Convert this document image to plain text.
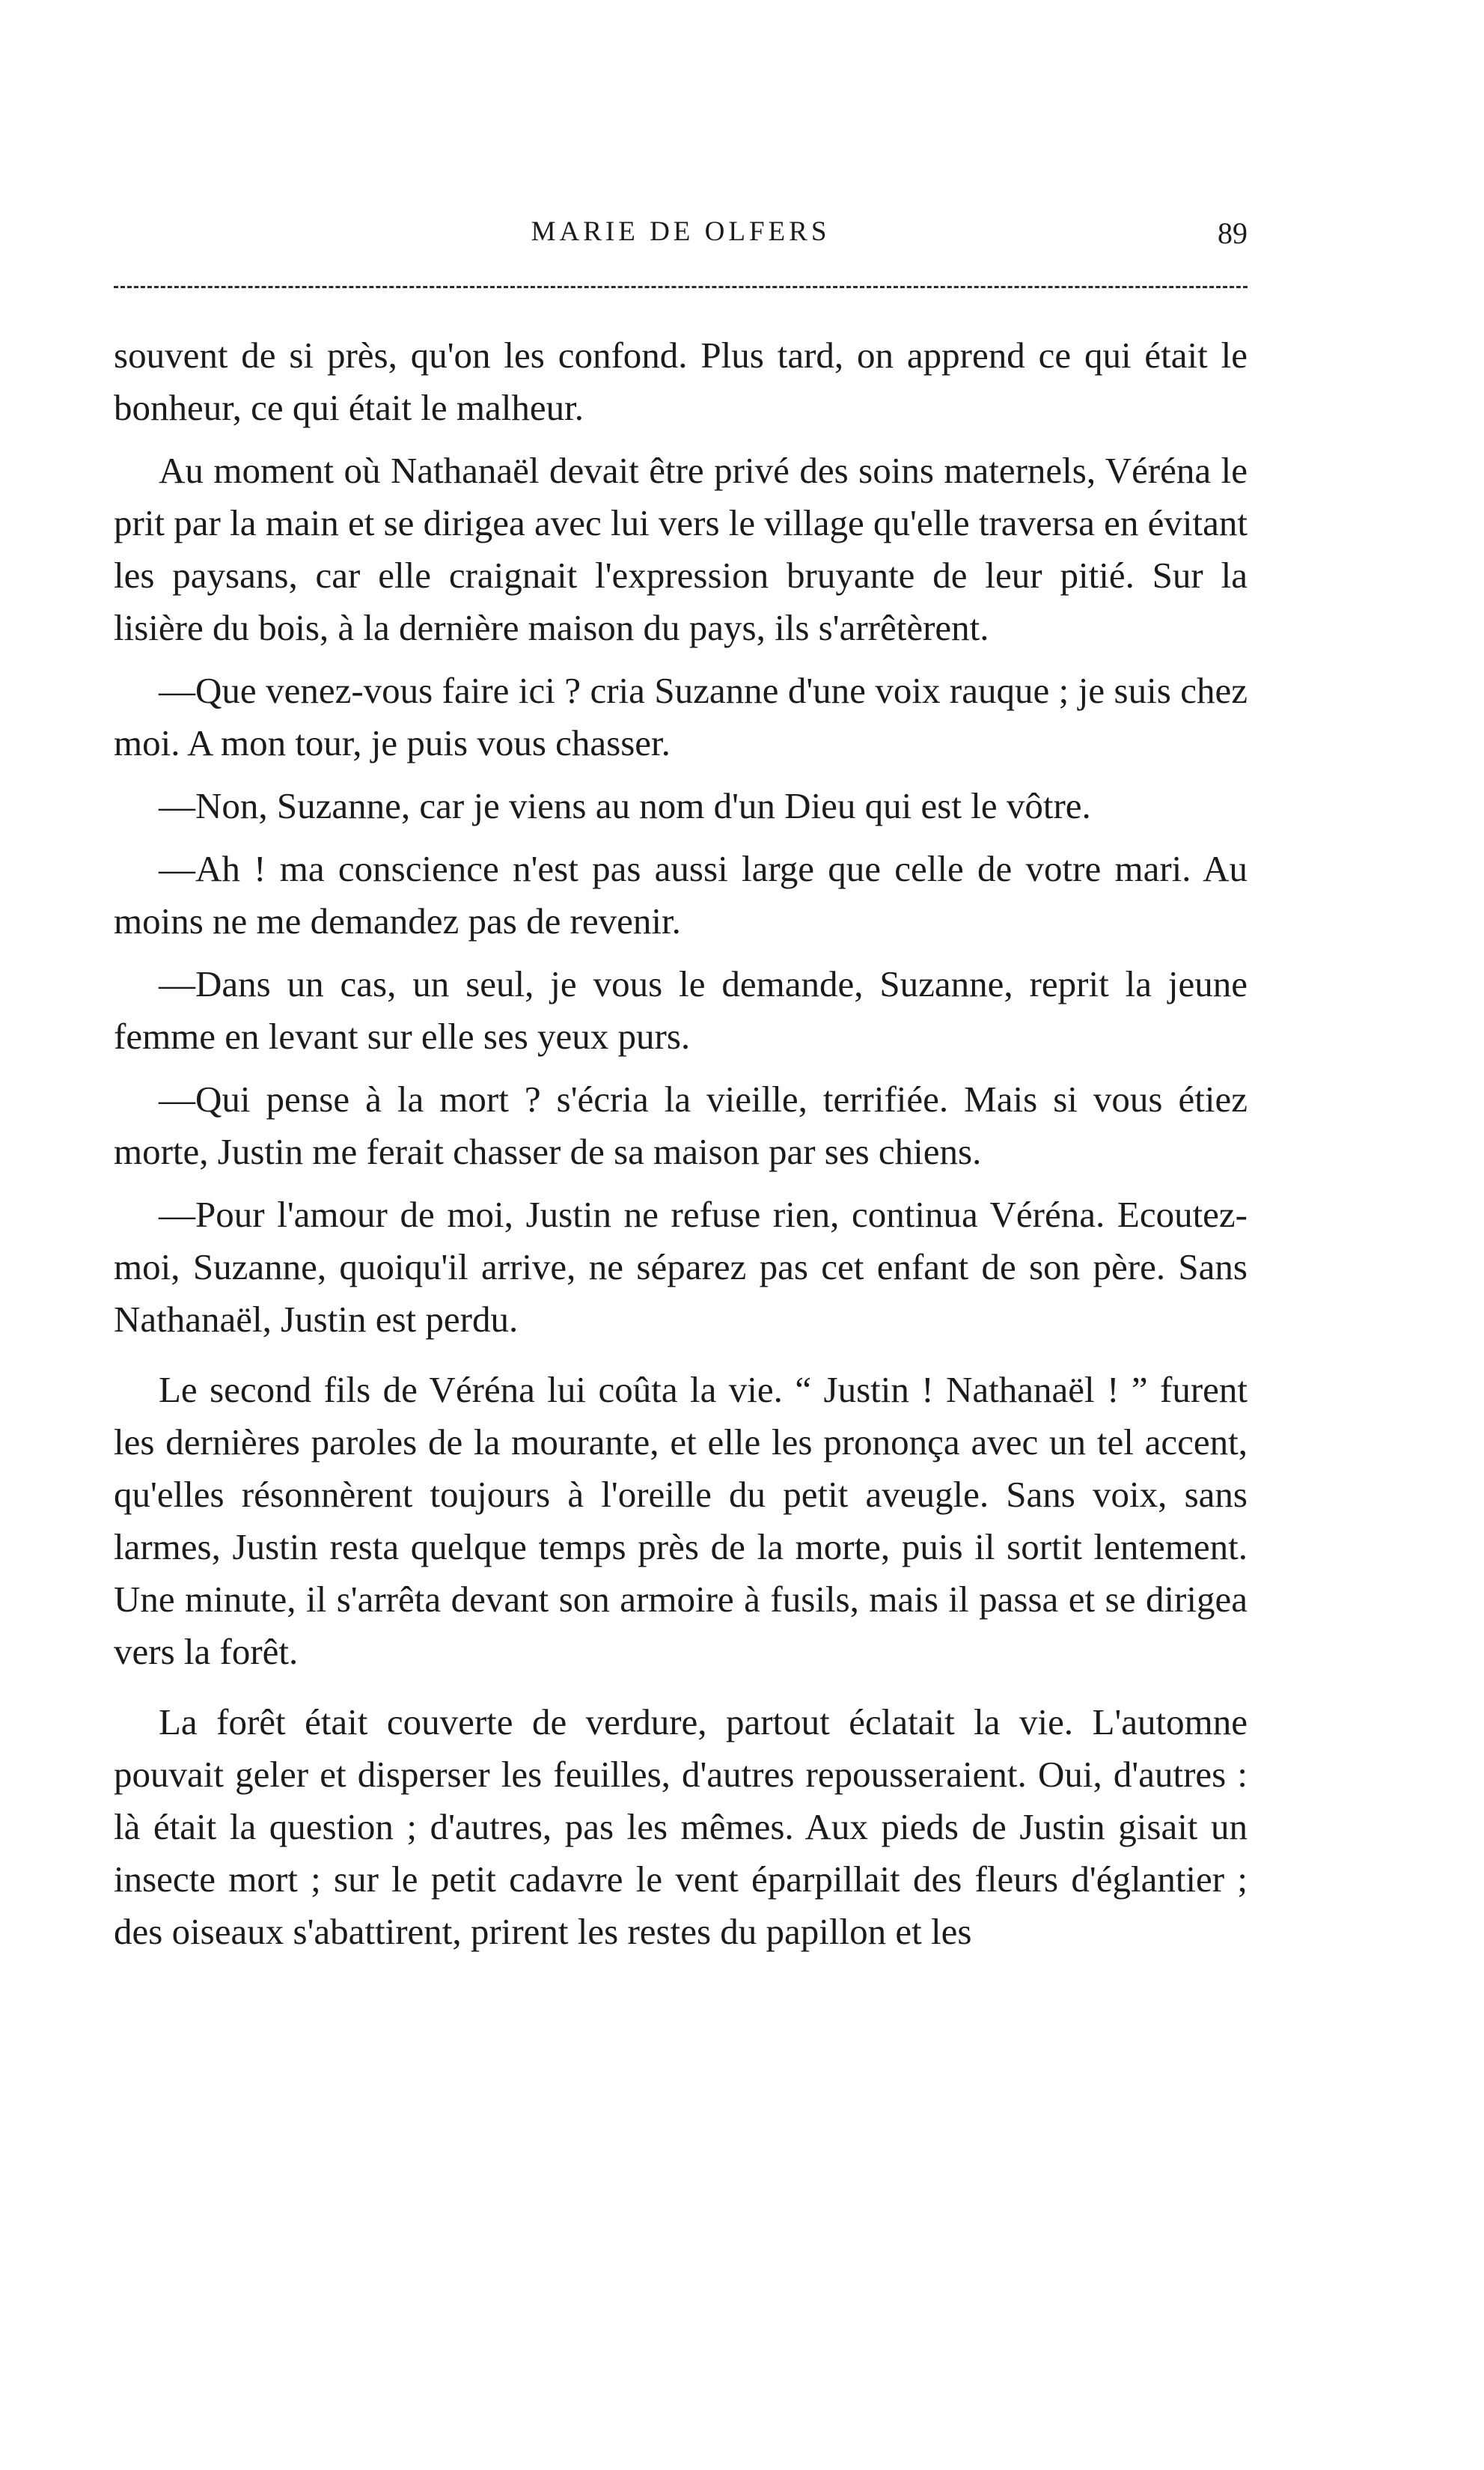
MARIE DE OLFERS	89

souvent de si près, qu'on les confond. Plus tard, on apprend ce qui était le bonheur, ce qui était le malheur.

Au moment où Nathanaël devait être privé des soins maternels, Véréna le prit par la main et se dirigea avec lui vers le village qu'elle traversa en évitant les paysans, car elle craignait l'expression bruyante de leur pitié. Sur la lisière du bois, à la dernière maison du pays, ils s'arrêtèrent.

—Que venez-vous faire ici ? cria Suzanne d'une voix rauque ; je suis chez moi. A mon tour, je puis vous chasser.

—Non, Suzanne, car je viens au nom d'un Dieu qui est le vôtre.

—Ah ! ma conscience n'est pas aussi large que celle de votre mari. Au moins ne me demandez pas de revenir.

—Dans un cas, un seul, je vous le demande, Suzanne, reprit la jeune femme en levant sur elle ses yeux purs.

—Qui pense à la mort ? s'écria la vieille, terrifiée. Mais si vous étiez morte, Justin me ferait chasser de sa maison par ses chiens.

—Pour l'amour de moi, Justin ne refuse rien, continua Véréna. Ecoutez-moi, Suzanne, quoiqu'il arrive, ne séparez pas cet enfant de son père. Sans Nathanaël, Justin est perdu.

Le second fils de Véréna lui coûta la vie. “ Justin ! Nathanaël ! ” furent les dernières paroles de la mourante, et elle les prononça avec un tel accent, qu'elles résonnèrent toujours à l'oreille du petit aveugle. Sans voix, sans larmes, Justin resta quelque temps près de la morte, puis il sortit lentement. Une minute, il s'arrêta devant son armoire à fusils, mais il passa et se dirigea vers la forêt.

La forêt était couverte de verdure, partout éclatait la vie. L'automne pouvait geler et disperser les feuilles, d'autres repousseraient. Oui, d'autres : là était la question ; d'autres, pas les mêmes. Aux pieds de Justin gisait un insecte mort ; sur le petit cadavre le vent éparpillait des fleurs d'églantier ; des oiseaux s'abattirent, prirent les restes du papillon et les
